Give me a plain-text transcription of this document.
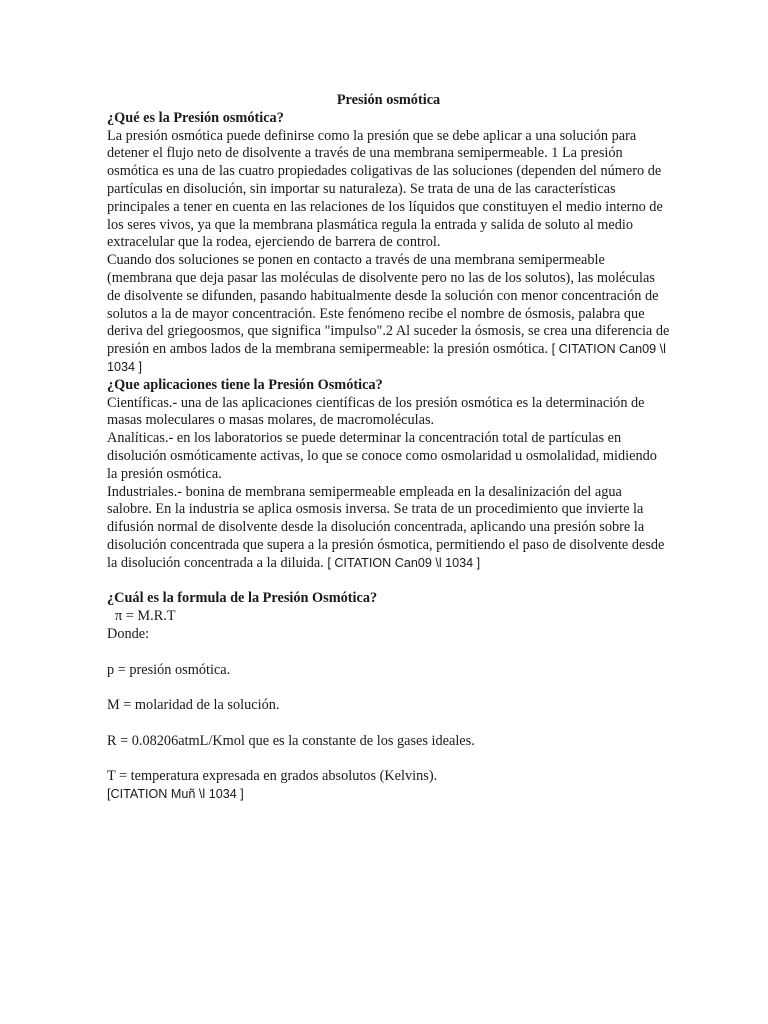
Presión osmótica

¿Qué es la Presión osmótica?

La presión osmótica puede definirse como la presión que se debe aplicar a una solución para detener el flujo neto de disolvente a través de una membrana semipermeable. 1 La presión osmótica es una de las cuatro propiedades coligativas de las soluciones (dependen del número de partículas en disolución, sin importar su naturaleza). Se trata de una de las características principales a tener en cuenta en las relaciones de los líquidos que constituyen el medio interno de los seres vivos, ya que la membrana plasmática regula la entrada y salida de soluto al medio extracelular que la rodea, ejerciendo de barrera de control.

Cuando dos soluciones se ponen en contacto a través de una membrana semipermeable (membrana que deja pasar las moléculas de disolvente pero no las de los solutos), las moléculas de disolvente se difunden, pasando habitualmente desde la solución con menor concentración de solutos a la de mayor concentración. Este fenómeno recibe el nombre de ósmosis, palabra que deriva del griegoosmos, que significa "impulso".2 Al suceder la ósmosis, se crea una diferencia de presión en ambos lados de la membrana semipermeable: la presión osmótica. [ CITATION Can09 \l 1034 ]

¿Que aplicaciones tiene la Presión Osmótica?

Científicas.- una de las aplicaciones científicas de los presión osmótica es la determinación de masas moleculares o masas molares, de macromoléculas.

Analíticas.- en los laboratorios se puede determinar la concentración total de partículas en disolución osmóticamente activas, lo que se conoce como osmolaridad u osmolalidad, midiendo la presión osmótica.

Industriales.- bonina de membrana semipermeable empleada en la desalinización del agua salobre. En la industria se aplica osmosis inversa. Se trata de un procedimiento que invierte la difusión normal de disolvente desde la disolución concentrada, aplicando una presión sobre la disolución concentrada que supera a la presión ósmotica, permitiendo el paso de disolvente desde la disolución concentrada a la diluida. [ CITATION Can09 \l 1034 ]

¿Cuál es la formula de la Presión Osmótica?

π = M.R.T

Donde:

p = presión osmótica.

M = molaridad de la solución.

R = 0.08206atmL/Kmol que es la constante de los gases ideales.

T = temperatura expresada en grados absolutos (Kelvins).

[CITATION Muñ \l 1034 ]
